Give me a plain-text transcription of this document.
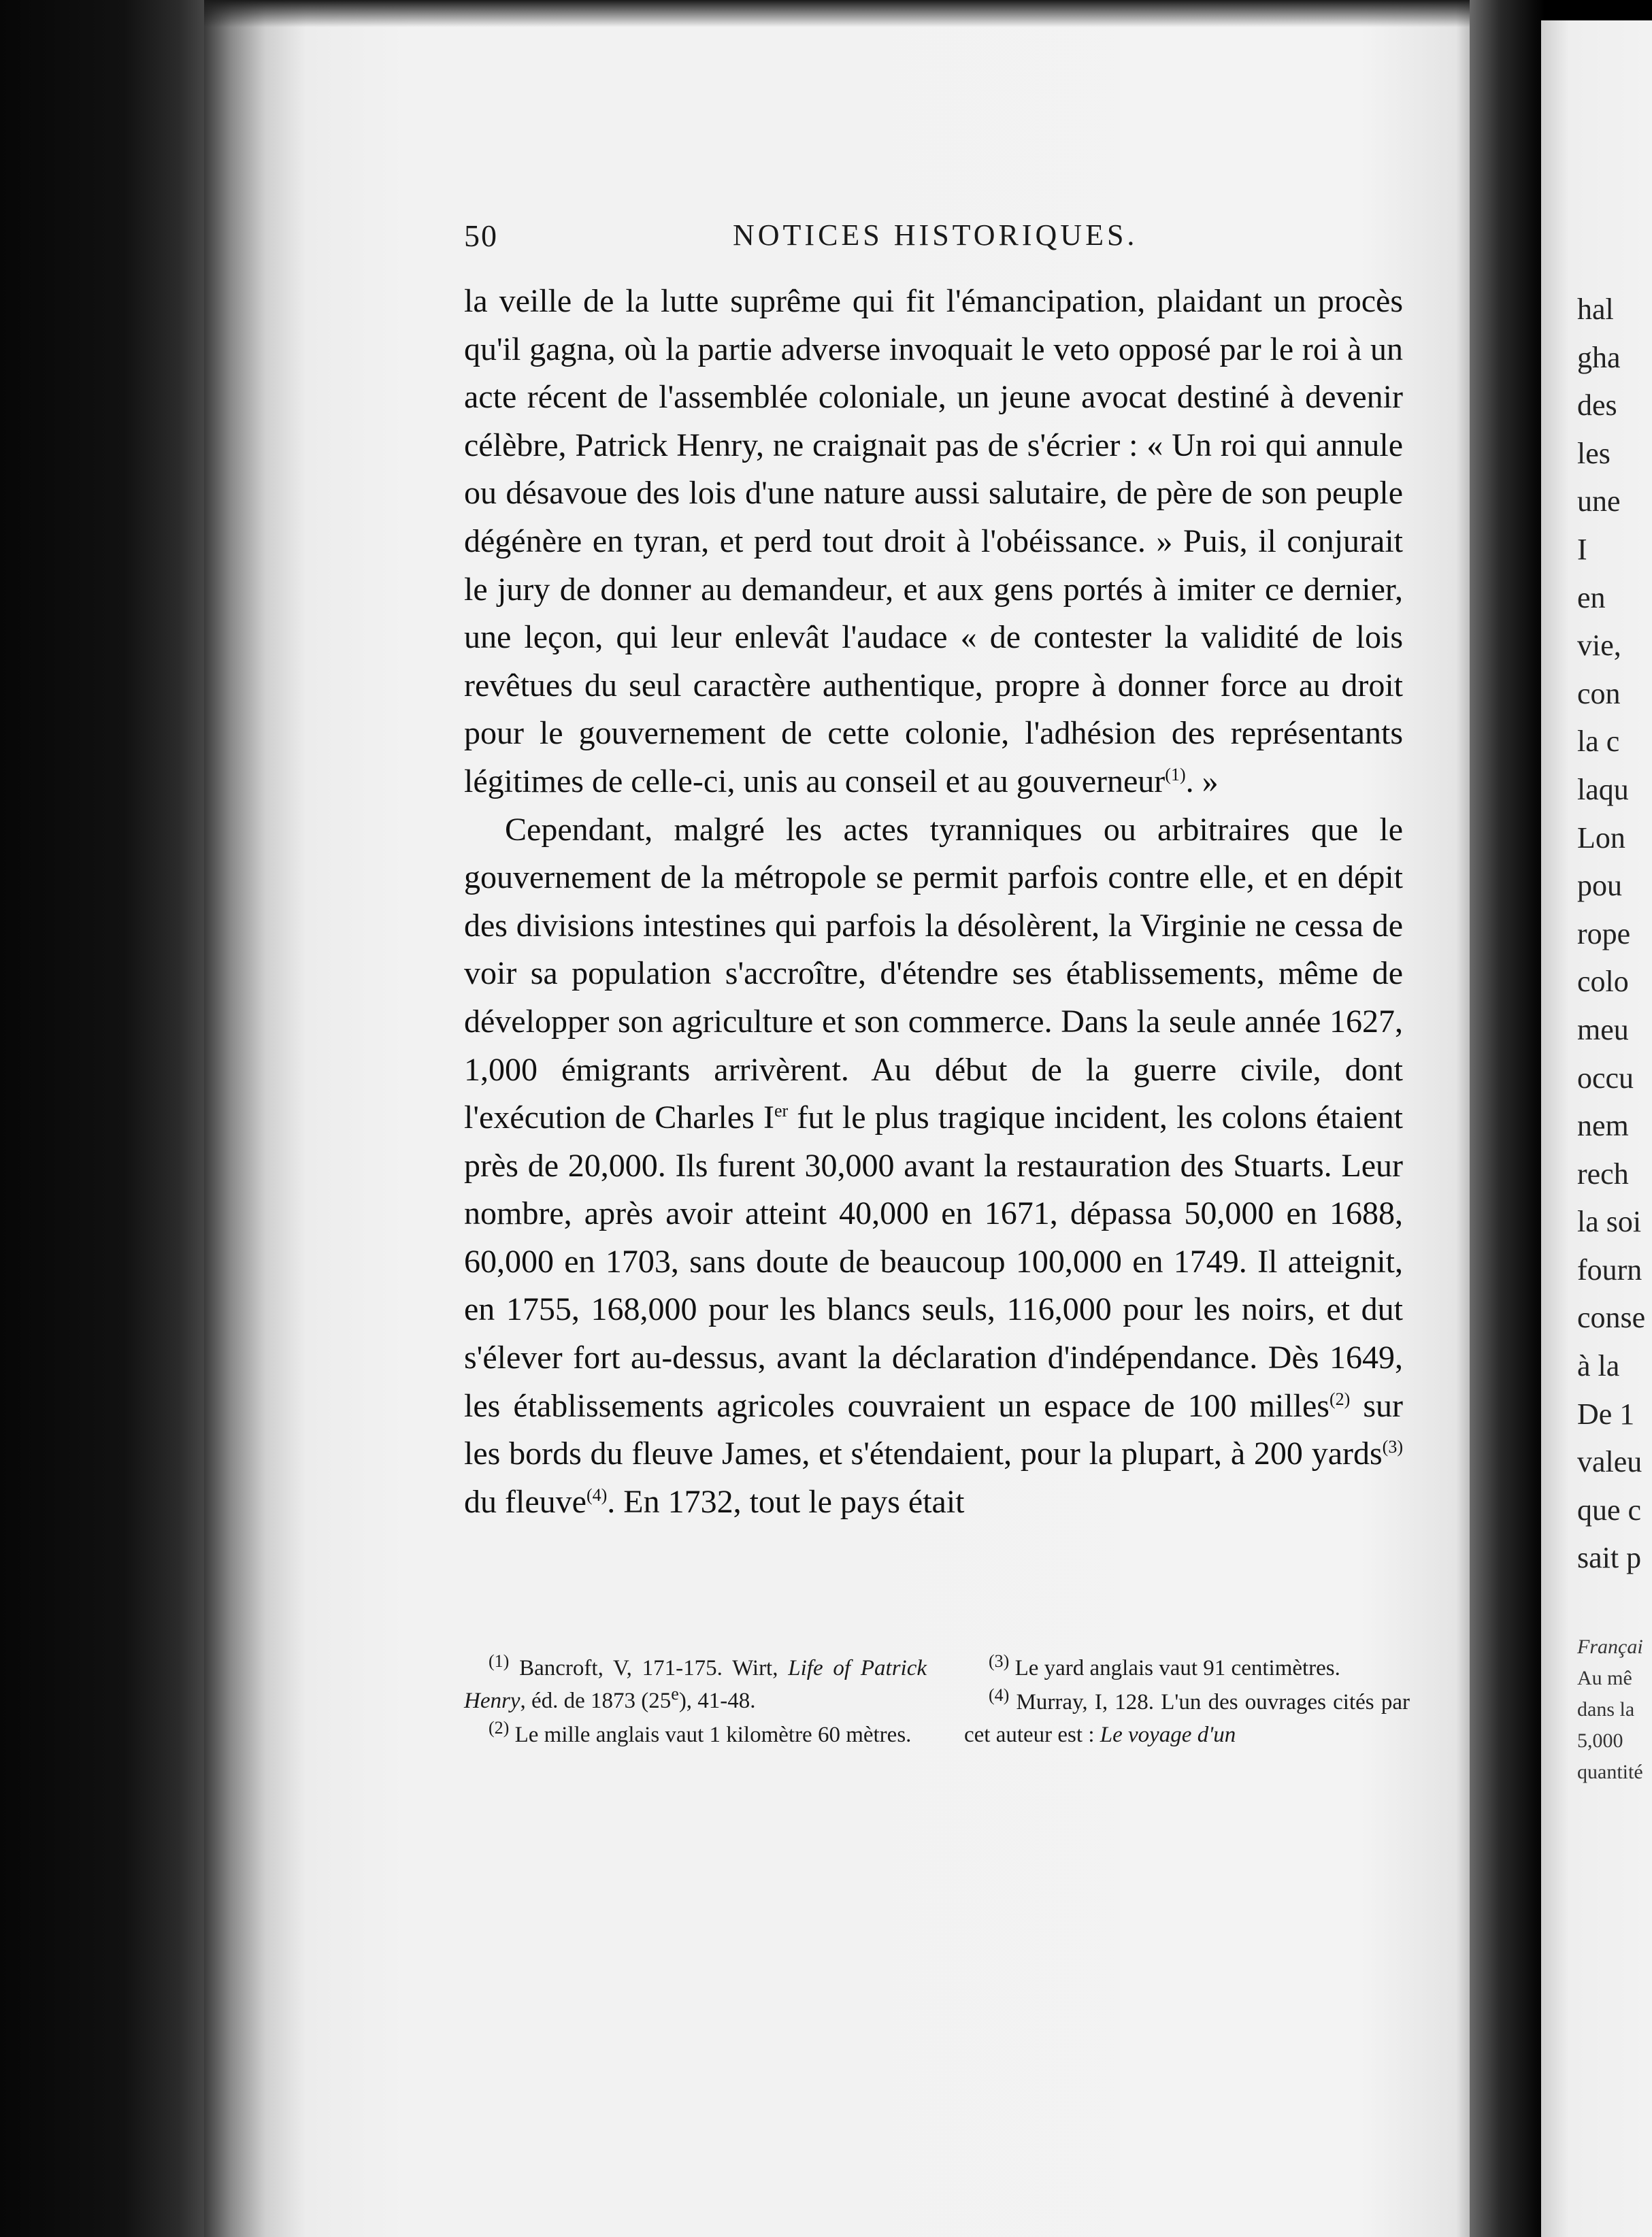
50	NOTICES HISTORIQUES.

la veille de la lutte suprême qui fit l'émancipation, plaidant un procès qu'il gagna, où la partie adverse invoquait le veto opposé par le roi à un acte récent de l'assemblée coloniale, un jeune avocat destiné à devenir célèbre, Patrick Henry, ne craignait pas de s'écrier : « Un roi qui annule ou désavoue des lois d'une nature aussi salutaire, de père de son peuple dégénère en tyran, et perd tout droit à l'obéissance. » Puis, il conjurait le jury de donner au demandeur, et aux gens portés à imiter ce dernier, une leçon, qui leur enlevât l'audace « de contester la validité de lois revêtues du seul caractère authentique, propre à donner force au droit pour le gouvernement de cette colonie, l'adhésion des représentants légitimes de celle-ci, unis au conseil et au gouverneur$^{(1)}$. »

Cependant, malgré les actes tyranniques ou arbitraires que le gouvernement de la métropole se permit parfois contre elle, et en dépit des divisions intestines qui parfois la désolèrent, la Virginie ne cessa de voir sa population s'accroître, d'étendre ses établissements, même de développer son agriculture et son commerce. Dans la seule année 1627, 1,000 émigrants arrivèrent. Au début de la guerre civile, dont l'exécution de Charles Ier fut le plus tragique incident, les colons étaient près de 20,000. Ils furent 30,000 avant la restauration des Stuarts. Leur nombre, après avoir atteint 40,000 en 1671, dépassa 50,000 en 1688, 60,000 en 1703, sans doute de beaucoup 100,000 en 1749. Il atteignit, en 1755, 168,000 pour les blancs seuls, 116,000 pour les noirs, et dut s'élever fort au-dessus, avant la déclaration d'indépendance. Dès 1649, les établissements agricoles couvraient un espace de 100 milles$^{(2)}$ sur les bords du fleuve James, et s'étendaient, pour la plupart, à 200 yards$^{(3)}$ du fleuve$^{(4)}$. En 1732, tout le pays était

$^{(1)}$ Bancroft, V, 171-175. Wirt, Life of Patrick Henry, éd. de 1873 (25e), 41-48.

$^{(2)}$ Le mille anglais vaut 1 kilomètre 60 mètres.

$^{(3)}$ Le yard anglais vaut 91 centimètres.

$^{(4)}$ Murray, I, 128. L'un des ouvrages cités par cet auteur est : Le voyage d'un

hal
gha
des
les
une
I
en
vie,
con
la c
laqu
Lon
pou
rope
colo
meu
occu
nem
rech
la soi
fourn
conse
à la
De 1
valeu
que c
sait p
Françai
Au mê
dans la
5,000
quantité
